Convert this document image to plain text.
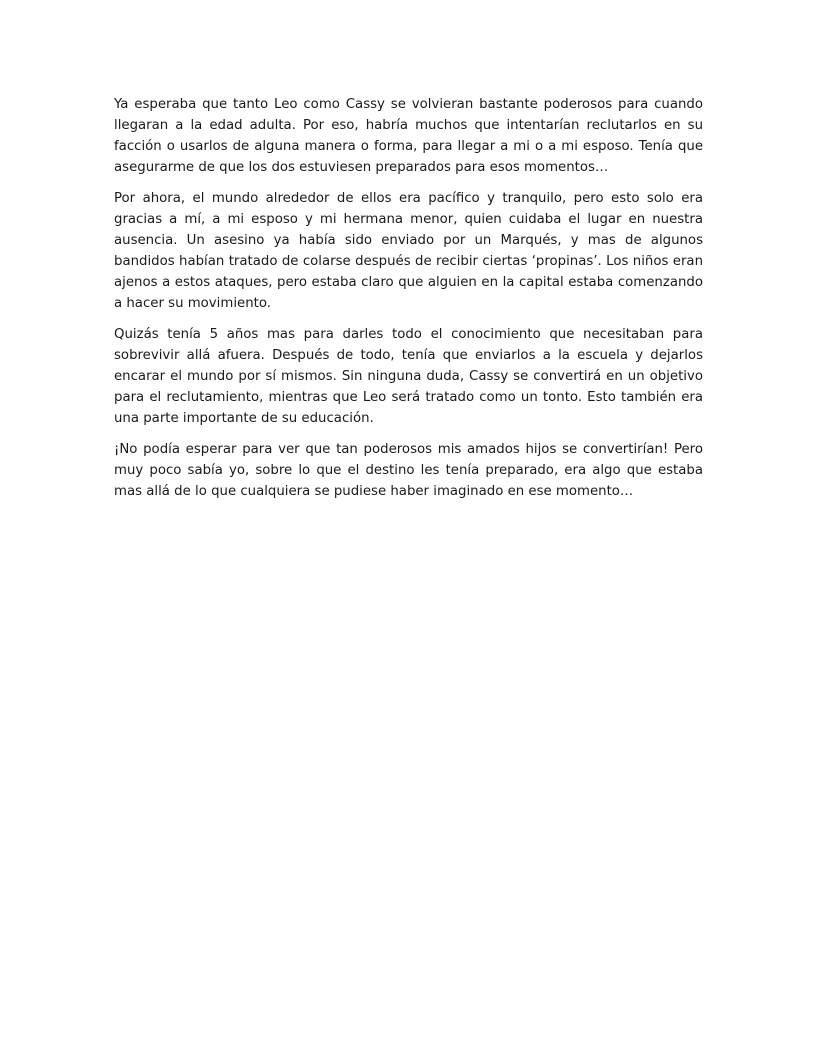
Ya esperaba que tanto Leo como Cassy se volvieran bastante poderosos para cuando llegaran a la edad adulta. Por eso, habría muchos que intentarían reclutarlos en su facción o usarlos de alguna manera o forma, para llegar a mi o a mi esposo. Tenía que asegurarme de que los dos estuviesen preparados para esos momentos…

Por ahora, el mundo alrededor de ellos era pacífico y tranquilo, pero esto solo era gracias a mí, a mi esposo y mi hermana menor, quien cuidaba el lugar en nuestra ausencia. Un asesino ya había sido enviado por un Marqués, y mas de algunos bandidos habían tratado de colarse después de recibir ciertas ‘propinas’. Los niños eran ajenos a estos ataques, pero estaba claro que alguien en la capital estaba comenzando a hacer su movimiento.

Quizás tenía 5 años mas para darles todo el conocimiento que necesitaban para sobrevivir allá afuera. Después de todo, tenía que enviarlos a la escuela y dejarlos encarar el mundo por sí mismos. Sin ninguna duda, Cassy se convertirá en un objetivo para el reclutamiento, mientras que Leo será tratado como un tonto. Esto también era una parte importante de su educación.

¡No podía esperar para ver que tan poderosos mis amados hijos se convertirían! Pero muy poco sabía yo, sobre lo que el destino les tenía preparado, era algo que estaba mas allá de lo que cualquiera se pudiese haber imaginado en ese momento…
